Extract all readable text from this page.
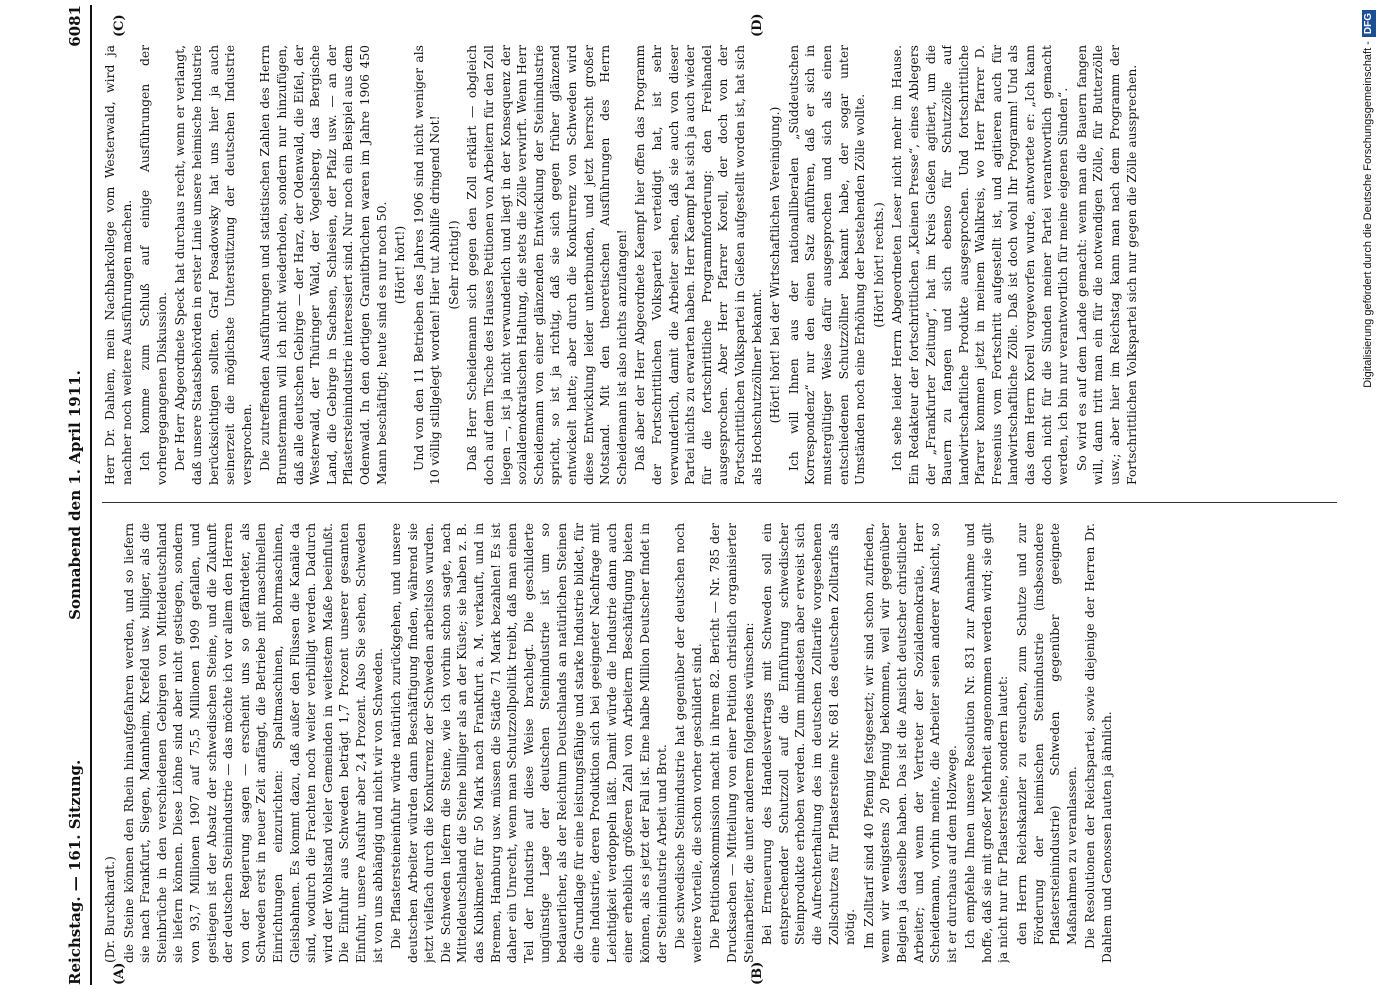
Reichstag. — 161. Sitzung.
Sonnabend den 1. April 1911.
6081

(Dr. Burckhardt.) die Steine können den Rhein hinaufgefahren werden, und so liefern sie nach Frankfurt, Siegen, Mannheim, Krefeld usw. billiger, als die Steinbrüche in den verschiedenen Gebirgen von Mitteldeutschland sie liefern können. Diese Löhne sind aber nicht gestiegen, sondern von 93,7 Millionen 1907 auf 75,5 Millionen 1909 gefallen, und gestiegen ist der Absatz der schwedischen Steine, und die Zukunft der deutschen Steinindustrie — das möchte ich vor allem den Herren von der Regierung sagen — erscheint uns so gefährdeter, als Schweden erst in neuer Zeit anfängt, die Betriebe mit maschinellen Einrichtungen einzurichten: Spaltmaschinen, Bohrmaschinen, Gleisbahnen. Es kommt dazu, daß außer den Flüssen die Kanäle da sind, wodurch die Frachten noch weiter verbilligt werden. Dadurch wird der Wohlstand vieler Gemeinden in weitestem Maße beeinflußt. Die Einfuhr aus Schweden beträgt 1,7 Prozent unserer gesamten Einfuhr, unsere Ausfuhr aber 2,4 Prozent. Also Sie sehen, Schweden ist von uns abhängig und nicht wir von Schweden. Die Pflastersteineinfuhr würde natürlich zurückgehen, und unsere deutschen Arbeiter würden dann Beschäftigung finden, während sie jetzt vielfach durch die Konkurrenz der Schweden arbeitslos wurden. Die Schweden liefern die Steine, wie ich vorhin schon sagte, nach Mitteldeutschland die Steine billiger als an der Küste; sie haben z. B. das Kubikmeter für 50 Mark nach Frankfurt a. M. verkauft, und in Bremen, Hamburg usw. müssen die Städte 71 Mark bezahlen! Es ist daher ein Unrecht, wenn man Schutzzollpolitik treibt, daß man einen Teil der Industrie auf diese Weise brachlegt. Die geschilderte ungünstige Lage der deutschen Steinindustrie ist um so bedauerlicher, als der Reichtum Deutschlands an natürlichen Steinen die Grundlage für eine leistungsfähige und starke Industrie bildet, für eine Industrie, deren Produktion sich bei geeigneter Nachfrage mit Leichtigkeit verdoppeln läßt. Damit würde die Industrie dann auch einer erheblich größeren Zahl von Arbeitern Beschäftigung bieten können, als es jetzt der Fall ist. Eine halbe Million Deutscher findet in der Steinindustrie Arbeit und Brot. Die schwedische Steinindustrie hat gegenüber der deutschen noch weitere Vorteile, die schon vorher geschildert sind. Die Petitionskommission macht in ihrem 82. Bericht — Nr. 785 der Drucksachen — Mitteilung von einer Petition christlich organisierter Steinarbeiter, die unter anderem folgendes wünschen: Bei Erneuerung des Handelsvertrags mit Schweden soll ein entsprechender Schutzzoll auf die Einführung schwedischer Steinprodukte erhoben werden. Zum mindesten aber erweist sich die Aufrechterhaltung des im deutschen Zolltarife vorgesehenen Zollschutzes für Pflastersteine Nr. 681 des deutschen Zolltarifs als nötig. Im Zolltarif sind 40 Pfennig festgesetzt; wir sind schon zufrieden, wenn wir wenigstens 20 Pfennig bekommen, weil wir gegenüber Belgien ja dasselbe haben. Das ist die Ansicht deutscher christlicher Arbeiter; und wenn der Vertreter der Sozialdemokratie, Herr Scheidemann, vorhin meinte, die Arbeiter seien anderer Ansicht, so ist er durchaus auf dem Holzwege. Ich empfehle Ihnen unsere Resolution Nr. 831 zur Annahme und hoffe, daß sie mit großer Mehrheit angenommen werden wird; sie gilt ja nicht nur für Pflastersteine, sondern lautet: den Herrn Reichskanzler zu ersuchen, zum Schutze und zur Förderung der heimischen Steinindustrie (insbesondere Pflastersteinindustrie) Schweden gegenüber geeignete Maßnahmen zu veranlassen. Die Resolutionen der Reichspartei, sowie diejenige der Herren Dr. Dahlem und Genossen lauten ja ähnlich.

Herr Dr. Dahlem, mein Nachbarkollege vom Westerwald, wird ja nachher noch weitere Ausführungen machen. Ich komme zum Schluß auf einige Ausführungen der vorhergegangenen Diskussion. Der Herr Abgeordnete Speck hat durchaus recht, wenn er verlangt, daß unsere Staatsbehörden in erster Linie unsere heimische Industrie berücksichtigen sollten. Graf Posadowsky hat uns hier ja auch seinerzeit die möglichste Unterstützung der deutschen Industrie versprochen. Die zutreffenden Ausführungen und statistischen Zahlen des Herrn Brunstermann will ich nicht wiederholen, sondern nur hinzufügen, daß alle deutschen Gebirge — der Harz, der Odenwald, die Eifel, der Westerwald, der Thüringer Wald, der Vogelsberg, das Bergische Land, die Gebirge in Sachsen, Schlesien, der Pfalz usw. — an der Pflastersteinindustrie interessiert sind. Nur noch ein Beispiel aus dem Odenwald. In den dortigen Granitbrüchen waren im Jahre 1906 450 Mann beschäftigt; heute sind es nur noch 50. (Hört! hört!) Und von den 11 Betrieben des Jahres 1906 sind nicht weniger als 10 völlig stillgelegt worden! Hier tut Abhilfe dringend Not! (Sehr richtig!) Daß Herr Scheidemann sich gegen den Zoll erklärt — obgleich doch auf dem Tische des Hauses Petitionen von Arbeitern für den Zoll liegen —, ist ja nicht verwunderlich und liegt in der Konsequenz der sozialdemokratischen Haltung, die stets die Zölle verwirft. Wenn Herr Scheidemann von einer glänzenden Entwicklung der Steinindustrie spricht, so ist ja richtig, daß sie sich gegen früher glänzend entwickelt hatte; aber durch die Konkurrenz von Schweden wird diese Entwicklung leider unterbunden, und jetzt herrscht großer Notstand. Mit den theoretischen Ausführungen des Herrn Scheidemann ist also nichts anzufangen! Daß aber der Herr Abgeordnete Kaempf hier offen das Programm der Fortschrittlichen Volkspartei verteidigt hat, ist sehr verwunderlich, damit die Arbeiter sehen, daß sie auch von dieser Partei nichts zu erwarten haben. Herr Kaempf hat sich ja auch wieder für die fortschrittliche Programmforderung: den Freihandel ausgesprochen. Aber Herr Pfarrer Korell, der doch von der Fortschrittlichen Volkspartei in Gießen aufgestellt worden ist, hat sich als Hochschutzzöllner bekannt. (Hört! hört! bei der Wirtschaftlichen Vereinigung.) Ich will Ihnen aus der nationalliberalen „Süddeutschen Korrespondenz“ nur den einen Satz anführen, daß er sich in mustergültiger Weise dafür ausgesprochen und sich als einen entschiedenen Schutzzöllner bekannt habe, der sogar unter Umständen noch eine Erhöhung der bestehenden Zölle wollte. (Hört! hört! rechts.) Ich sehe leider Herrn Abgeordneten Leser nicht mehr im Hause. Ein Redakteur der fortschrittlichen „Kleinen Presse“, eines Ablegers der „Frankfurter Zeitung“, hat im Kreis Gießen agitiert, um die Bauern zu fangen und sich ebenso für Schutzzölle auf landwirtschaftliche Produkte ausgesprochen. Und fortschrittliche Pfarrer kommen jetzt in meinem Wahlkreis, wo Herr Pfarrer D. Fresenius vom Fortschritt aufgestellt ist, und agitieren auch für landwirtschaftliche Zölle. Daß ist doch wohl Ihr Programm! Und als das dem Herrn Korell vorgeworfen wurde, antwortete er: „Ich kann doch nicht für die Sünden meiner Partei verantwortlich gemacht werden, ich bin nur verantwortlich für meine eigenen Sünden“. So wird es auf dem Lande gemacht: wenn man die Bauern fangen will, dann tritt man ein für die notwendigen Zölle, für Butterzölle usw.; aber hier im Reichstag kann man nach dem Programm der Fortschrittlichen Volkspartei sich nur gegen die Zölle aussprechen.

(A)	(B)
(C)	(D)
Digitalisierung gefördert durch die Deutsche Forschungsgemeinschaft -DFG
